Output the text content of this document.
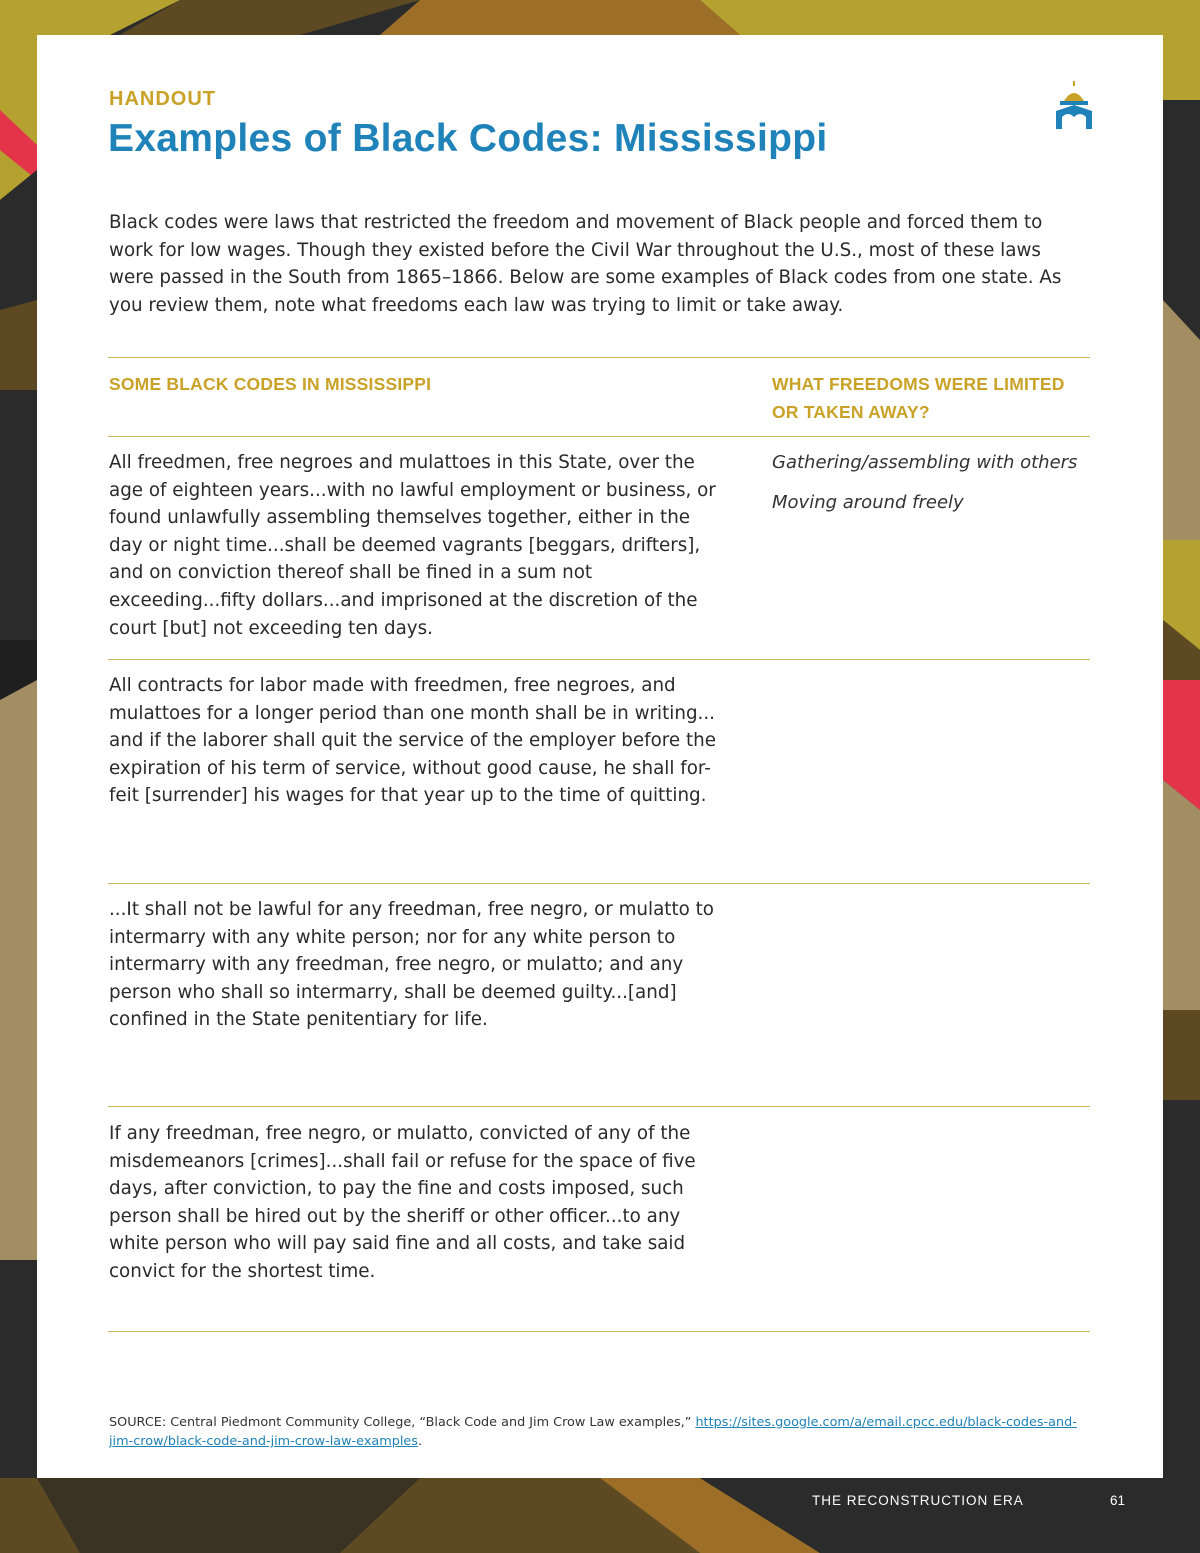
HANDOUT
Examples of Black Codes: Mississippi

Black codes were laws that restricted the freedom and movement of Black people and forced them to work for low wages. Though they existed before the Civil War throughout the U.S., most of these laws were passed in the South from 1865–1866. Below are some examples of Black codes from one state. As you review them, note what freedoms each law was trying to limit or take away.

SOME BLACK CODES IN MISSISSIPPI	WHAT FREEDOMS WERE LIMITED OR TAKEN AWAY?

All freedmen, free negroes and mulattoes in this State, over the age of eighteen years...with no lawful employment or business, or found unlawfully assembling themselves together, either in the day or night time...shall be deemed vagrants [beggars, drifters], and on conviction thereof shall be fined in a sum not exceeding...fifty dollars...and imprisoned at the discretion of the court [but] not exceeding ten days.

Gathering/assembling with others

Moving around freely

All contracts for labor made with freedmen, free negroes, and mulattoes for a longer period than one month shall be in writing... and if the laborer shall quit the service of the employer before the expiration of his term of service, without good cause, he shall for-feit [surrender] his wages for that year up to the time of quitting.

...It shall not be lawful for any freedman, free negro, or mulatto to intermarry with any white person; nor for any white person to intermarry with any freedman, free negro, or mulatto; and any person who shall so intermarry, shall be deemed guilty...[and] confined in the State penitentiary for life.

If any freedman, free negro, or mulatto, convicted of any of the misdemeanors [crimes]...shall fail or refuse for the space of five days, after conviction, to pay the fine and costs imposed, such person shall be hired out by the sheriff or other officer...to any white person who will pay said fine and all costs, and take said convict for the shortest time.

SOURCE: Central Piedmont Community College, “Black Code and Jim Crow Law examples,” https://sites.google.com/a/email.cpcc.edu/black-codes-and-jim-crow/black-code-and-jim-crow-law-examples.

THE RECONSTRUCTION ERA	61
